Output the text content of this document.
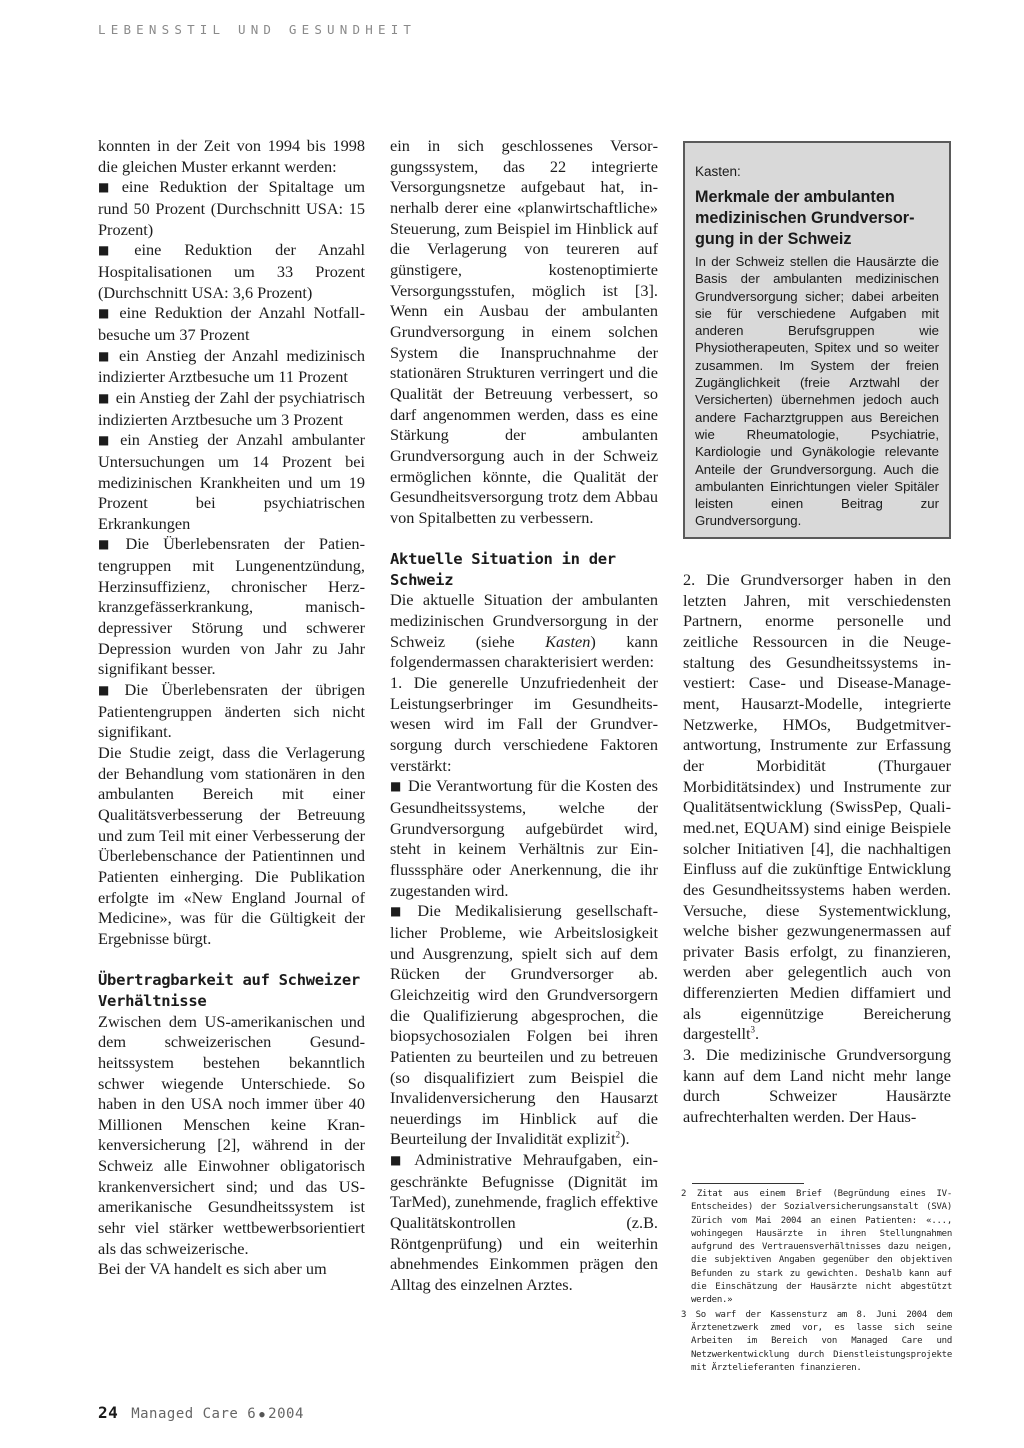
LEBENSSTIL UND GESUNDHEIT

konnten in der Zeit von 1994 bis 1998 die gleichen Muster erkannt werden:

■ eine Reduktion der Spitaltage um rund 50 Prozent (Durchschnitt USA: 15 Prozent)

■ eine Reduktion der Anzahl Hospitalisationen um 33 Prozent (Durchschnitt USA: 3,6 Prozent)

■ eine Reduktion der Anzahl Notfallbesuche um 37 Prozent

■ ein Anstieg der Anzahl medizinisch indizierter Arztbesuche um 11 Prozent

■ ein Anstieg der Zahl der psychiatrisch indizierten Arztbesuche um 3 Prozent

■ ein Anstieg der Anzahl ambulanter Untersuchungen um 14 Prozent bei medizinischen Krankheiten und um 19 Prozent bei psychiatrischen Erkrankungen

■ Die Überlebensraten der Patientengruppen mit Lungenentzündung, Herzinsuffizienz, chronischer Herzkranzgefässerkrankung, manisch-depressiver Störung und schwerer Depression wurden von Jahr zu Jahr signifikant besser.

■ Die Überlebensraten der übrigen Patientengruppen änderten sich nicht signifikant.

Die Studie zeigt, dass die Verlagerung der Behandlung vom stationären in den ambulanten Bereich mit einer Qualitätsverbesserung der Betreuung und zum Teil mit einer Verbesserung der Überlebenschance der Patientinnen und Patienten einherging. Die Publikation erfolgte im «New England Journal of Medicine», was für die Gültigkeit der Ergebnisse bürgt.

Übertragbarkeit auf Schweizer Verhältnisse

Zwischen dem US-amerikanischen und dem schweizerischen Gesundheitssystem bestehen bekanntlich schwer wiegende Unterschiede. So haben in den USA noch immer über 40 Millionen Menschen keine Krankenversicherung [2], während in der Schweiz alle Einwohner obligatorisch krankenversichert sind; und das US-amerikanische Gesundheitssystem ist sehr viel stärker wettbewerbsorientiert als das schweizerische.

Bei der VA handelt es sich aber um

ein in sich geschlossenes Versorgungssystem, das 22 integrierte Versorgungsnetze aufgebaut hat, innerhalb derer eine «planwirtschaftliche» Steuerung, zum Beispiel im Hinblick auf die Verlagerung von teureren auf günstigere, kostenoptimierte Versorgungsstufen, möglich ist [3]. Wenn ein Ausbau der ambulanten Grundversorgung in einem solchen System die Inanspruchnahme der stationären Strukturen verringert und die Qualität der Betreuung verbessert, so darf angenommen werden, dass es eine Stärkung der ambulanten Grundversorgung auch in der Schweiz ermöglichen könnte, die Qualität der Gesundheitsversorgung trotz dem Abbau von Spitalbetten zu verbessern.

Aktuelle Situation in der Schweiz

Die aktuelle Situation der ambulanten medizinischen Grundversorgung in der Schweiz (siehe Kasten) kann folgendermassen charakterisiert werden:

1. Die generelle Unzufriedenheit der Leistungserbringer im Gesundheitswesen wird im Fall der Grundversorgung durch verschiedene Faktoren verstärkt:

■ Die Verantwortung für die Kosten des Gesundheitssystems, welche der Grundversorgung aufgebürdet wird, steht in keinem Verhältnis zur Einflusssphäre oder Anerkennung, die ihr zugestanden wird.

■ Die Medikalisierung gesellschaftlicher Probleme, wie Arbeitslosigkeit und Ausgrenzung, spielt sich auf dem Rücken der Grundversorger ab. Gleichzeitig wird den Grundversorgern die Qualifizierung abgesprochen, die biopsychosozialen Folgen bei ihren Patienten zu beurteilen und zu betreuen (so disqualifiziert zum Beispiel die Invalidenversicherung den Hausarzt neuerdings im Hinblick auf die Beurteilung der Invalidität explizit$^2$).

■ Administrative Mehraufgaben, eingeschränkte Befugnisse (Dignität im TarMed), zunehmende, fraglich effektive Qualitätskontrollen (z.B. Röntgenprüfung) und ein weiterhin abnehmendes Einkommen prägen den Alltag des einzelnen Arztes.

Kasten:
Merkmale der ambulanten medizinischen Grundversorgung in der Schweiz
In der Schweiz stellen die Hausärzte die Basis der ambulanten medizinischen Grundversorgung sicher; dabei arbeiten sie für verschiedene Aufgaben mit anderen Berufsgruppen wie Physiotherapeuten, Spitex und so weiter zusammen. Im System der freien Zugänglichkeit (freie Arztwahl der Versicherten) übernehmen jedoch auch andere Facharztgruppen aus Bereichen wie Rheumatologie, Psychiatrie, Kardiologie und Gynäkologie relevante Anteile der Grundversorgung. Auch die ambulanten Einrichtungen vieler Spitäler leisten einen Beitrag zur Grundversorgung.

2. Die Grundversorger haben in den letzten Jahren, mit verschiedensten Partnern, enorme personelle und zeitliche Ressourcen in die Neugestaltung des Gesundheitssystems investiert: Case- und Disease-Management, Hausarzt-Modelle, integrierte Netzwerke, HMOs, Budgetmitverantwortung, Instrumente zur Erfassung der Morbidität (Thurgauer Morbiditätsindex) und Instrumente zur Qualitätsentwicklung (SwissPep, Quali-med.net, EQUAM) sind einige Beispiele solcher Initiativen [4], die nachhaltigen Einfluss auf die zukünftige Entwicklung des Gesundheitssystems haben werden. Versuche, diese Systementwicklung, welche bisher gezwungenermassen auf privater Basis erfolgt, zu finanzieren, werden aber gelegentlich auch von differenzierten Medien diffamiert und als eigennützige Bereicherung dargestellt$^3$.

3. Die medizinische Grundversorgung kann auf dem Land nicht mehr lange durch Schweizer Hausärzte aufrechterhalten werden. Der Haus-

2 Zitat aus einem Brief (Begründung eines IV-Entscheides) der Sozialversicherungsanstalt (SVA) Zürich vom Mai 2004 an einen Patienten: «..., wohingegen Hausärzte in ihren Stellungnahmen aufgrund des Vertrauensverhältnisses dazu neigen, die subjektiven Angaben gegenüber den objektiven Befunden zu stark zu gewichten. Deshalb kann auf die Einschätzung der Hausärzte nicht abgestützt werden.»

3 So warf der Kassensturz am 8. Juni 2004 dem Ärztenetzwerk zmed vor, es lasse sich seine Arbeiten im Bereich von Managed Care und Netzwerkentwicklung durch Dienstleistungsprojekte mit Ärztelieferanten finanzieren.

24 Managed Care 6 ● 2004
